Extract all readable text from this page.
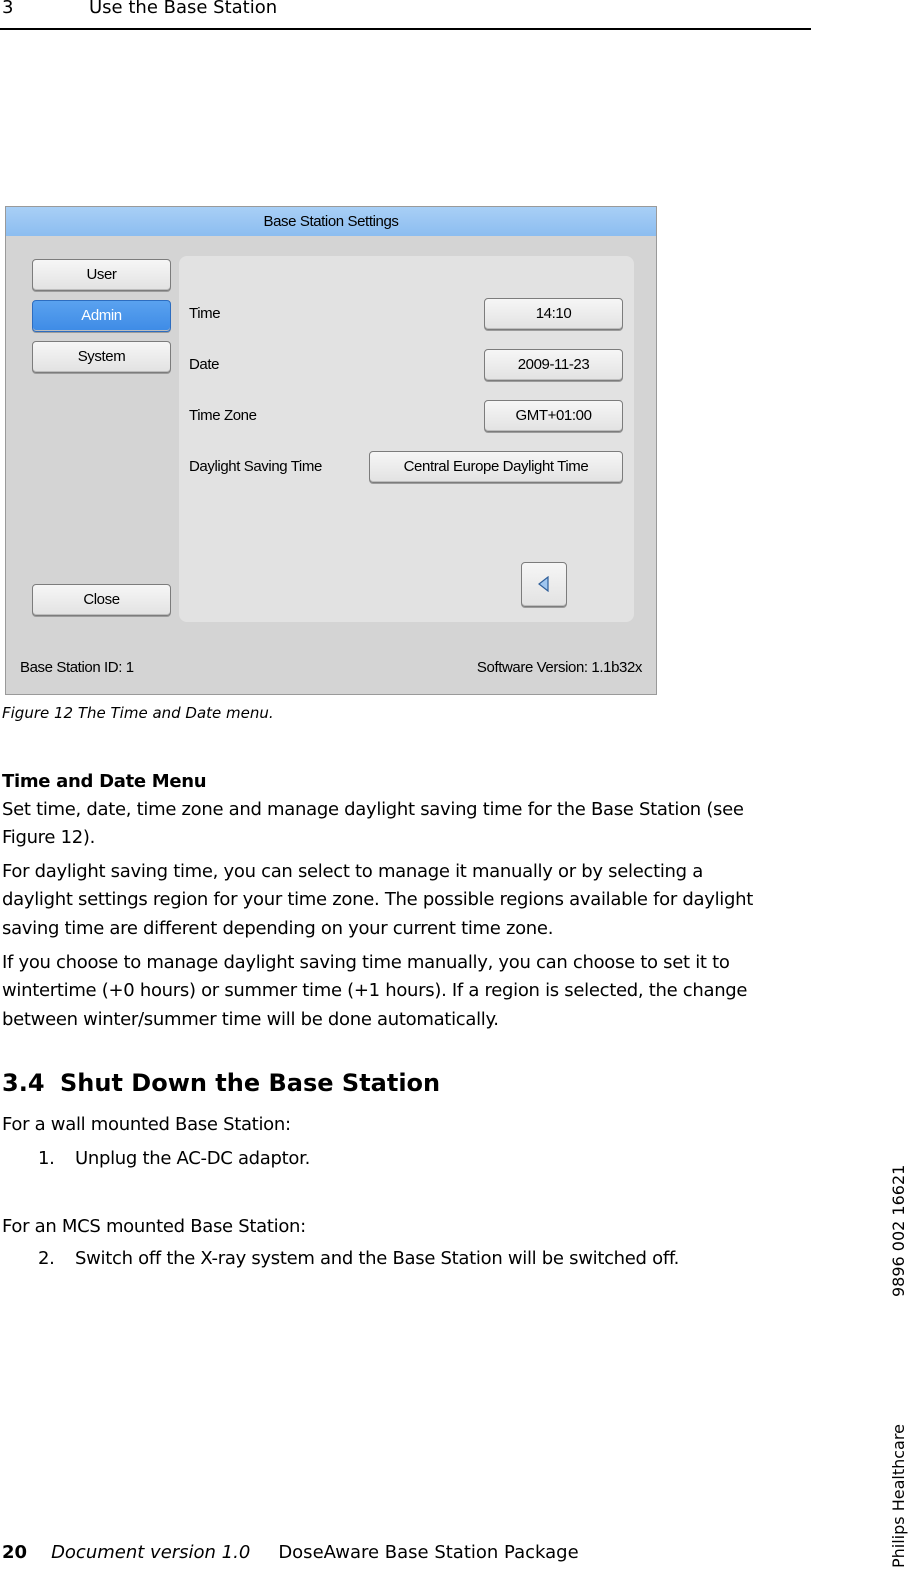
3	Use the Base Station
Base Station Settings
User
Admin
System
Close
Time	14:10
Date	2009-11-23
Time Zone	GMT+01:00
Daylight Saving Time	Central Europe Daylight Time
Base Station ID: 1	Software Version: 1.1b32x
Figure 12 The Time and Date menu.
Time and Date Menu
Set time, date, time zone and manage daylight saving time for the Base Station (see
Figure 12).
For daylight saving time, you can select to manage it manually or by selecting a
daylight settings region for your time zone. The possible regions available for daylight
saving time are different depending on your current time zone.
If you choose to manage daylight saving time manually, you can choose to set it to
wintertime (+0 hours) or summer time (+1 hours). If a region is selected, the change
between winter/summer time will be done automatically.
3.4 Shut Down the Base Station
For a wall mounted Base Station:
1. Unplug the AC-DC adaptor.
For an MCS mounted Base Station:
2. Switch off the X-ray system and the Base Station will be switched off.
20 Document version 1.0 DoseAware Base Station Package	Philips Healthcare
9896 002 16621
